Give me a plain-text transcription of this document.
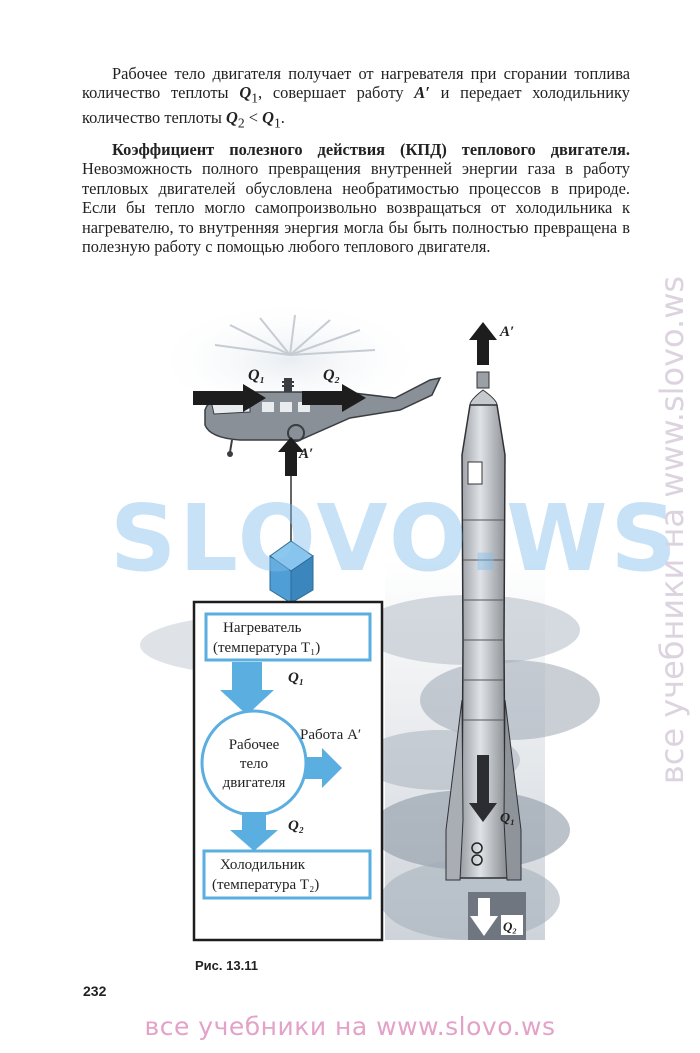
Рабочее тело двигателя получает от нагревателя при сгорании топлива количество теплоты $Q_1$, совершает работу A′ и передает холодильнику количество теплоты $Q_2 < Q_1$.

Коэффициент полезного действия (КПД) теплового двигателя. Невозможность полного превращения внутренней энергии газа в работу тепловых двигателей обусловлена необратимостью процессов в природе. Если бы тепло могло самопроизвольно возвращаться от холодильника к нагревателю, то внутренняя энергия могла бы быть полностью превращена в полезную работу с помощью любого теплового двигателя.

Q₁	Q₂
A′
Нагреватель
(температура T₁)
Q₁
Рабочее
тело
двигателя
Работа A′
Q₂
Холодильник
(температура T₂)
A′
Q₁
Q₂
SLOVO.WS
все учебники на www.slovo.ws
Рис. 13.11
232
все учебники на www.slovo.ws
